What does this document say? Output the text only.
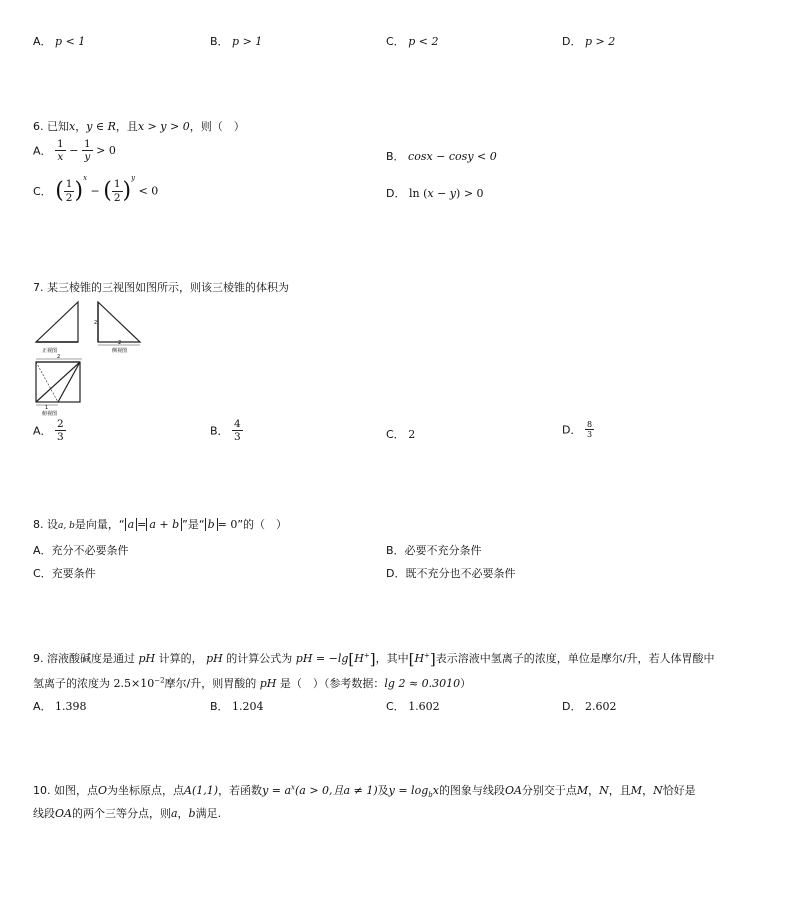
A． p < 1	B． p > 1	C． p < 2	D． p > 2
6. 已知x，y ∈ R，且x > y > 0，则（　）
A． $\frac{1}{x} - \frac{1}{y} > 0$	B． cosx − cosy < 0
C． ( $\frac{1}{2} )^x$ − ( $\frac{1}{2} )^y < 0$	D． ln (x − y) > 0
7. 某三棱锥的三视图如图所示，则该三棱锥的体积为
正视图
2
2
侧视图
2
1
俯视图
A． $\frac{2}{3}$	B． $\frac{4}{3}$	C． 2	D． $\frac{8}{3}$
8. 设a, b是向量，“ a = a + b ”是“ b = 0”的（　）
A．充分不必要条件	B．必要不充分条件
C．充要条件	D．既不充分也不必要条件
9. 溶液酸碱度是通过 pH 计算的， pH 的计算公式为 pH = −lg[H+]，其中[H+]表示溶液中氢离子的浓度，单位是摩尔/升，若人体胃酸中
氢离子的浓度为 $2.5\times 10^{-2}$摩尔/升，则胃酸的 pH 是（　）（参考数据：lg 2 ≈ 0.3010）
A． 1.398	B． 1.204	C． 1.602	D． 2.602
10. 如图，点O为坐标原点，点A(1,1)，若函数$y = a^x(a > 0$,且a ≠ 1)及$y = \log_bx$的图象与线段OA分别交于点M，N，且M，N恰好是
线段OA的两个三等分点，则a，b满足.
